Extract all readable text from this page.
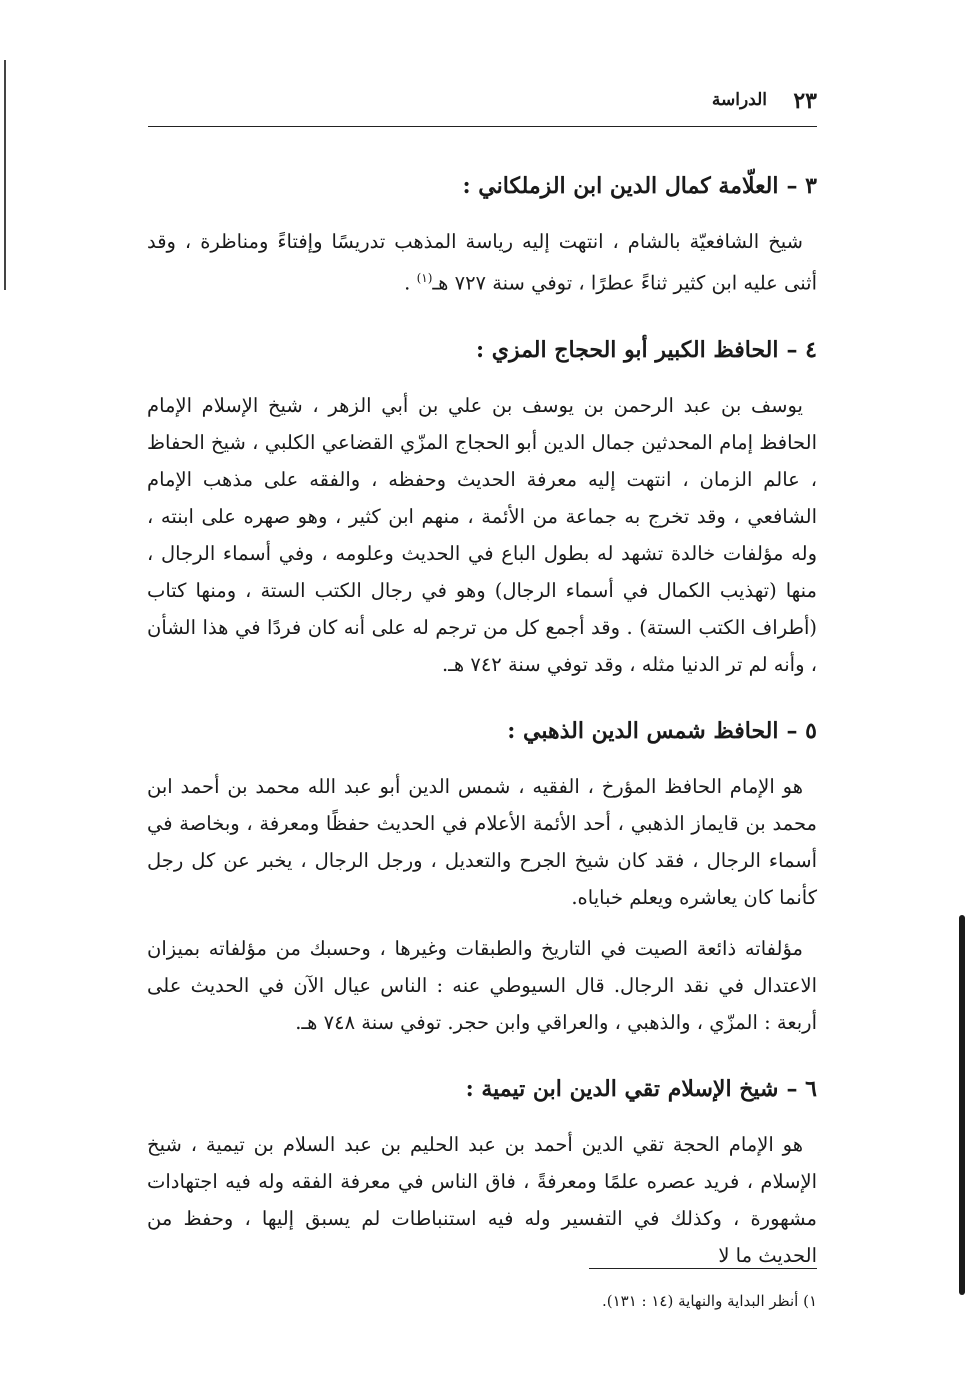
٢٣
الدراسة
٣ –العلّامة كمال الدين ابن الزملكاني :

شيخ الشافعيّة بالشام ، انتهت إليه رياسة المذهب تدريسًا وإفتاءً ومناظرة ، وقد أثنى عليه ابن كثير ثناءً عطرًا ، توفي سنة ٧٢٧ هـ$^{(١)}$ .

٤ –الحافظ الكبير أبو الحجاج المزي :

يوسف بن عبد الرحمن بن يوسف بن علي بن أبي الزهر ، شيخ الإسلام الإمام الحافظ إمام المحدثين جمال الدين أبو الحجاج المزّي القضاعي الكلبي ، شيخ الحفاظ ، عالم الزمان ، انتهت إليه معرفة الحديث وحفظه ، والفقه على مذهب الإمام الشافعي ، وقد تخرج به جماعة من الأئمة ، منهم ابن كثير ، وهو صهره على ابنته ، وله مؤلفات خالدة تشهد له بطول الباع في الحديث وعلومه ، وفي أسماء الرجال ، منها (تهذيب الكمال في أسماء الرجال) وهو في رجال الكتب الستة ، ومنها كتاب (أطراف الكتب الستة) . وقد أجمع كل من ترجم له على أنه كان فردًا في هذا الشأن ، وأنه لم تر الدنيا مثله ، وقد توفي سنة ٧٤٢ هـ.

٥ –الحافظ شمس الدين الذهبي :

هو الإمام الحافظ المؤرخ ، الفقيه ، شمس الدين أبو عبد الله محمد بن أحمد ابن محمد بن قايماز الذهبي ، أحد الأئمة الأعلام في الحديث حفظًا ومعرفة ، وبخاصة في أسماء الرجال ، فقد كان شيخ الجرح والتعديل ، ورجل الرجال ، يخبر عن كل رجل كأنما كان يعاشره ويعلم خباياه.

مؤلفاته ذائعة الصيت في التاريخ والطبقات وغيرها ، وحسبك من مؤلفاته بميزان الاعتدال في نقد الرجال. قال السيوطي عنه : الناس عيال الآن في الحديث على أربعة : المزّي ، والذهبي ، والعراقي وابن حجر. توفي سنة ٧٤٨ هـ.

٦ –شيخ الإسلام تقي الدين ابن تيمية :

هو الإمام الحجة تقي الدين أحمد بن عبد الحليم بن عبد السلام بن تيمية ، شيخ الإسلام ، فريد عصره علمًا ومعرفةً ، فاق الناس في معرفة الفقه وله فيه اجتهادات مشهورة ، وكذلك في التفسير وله فيه استنباطات لم يسبق إليها ، وحفظ من الحديث ما لا

١) أنظر البداية والنهاية (١٤ : ١٣١).
